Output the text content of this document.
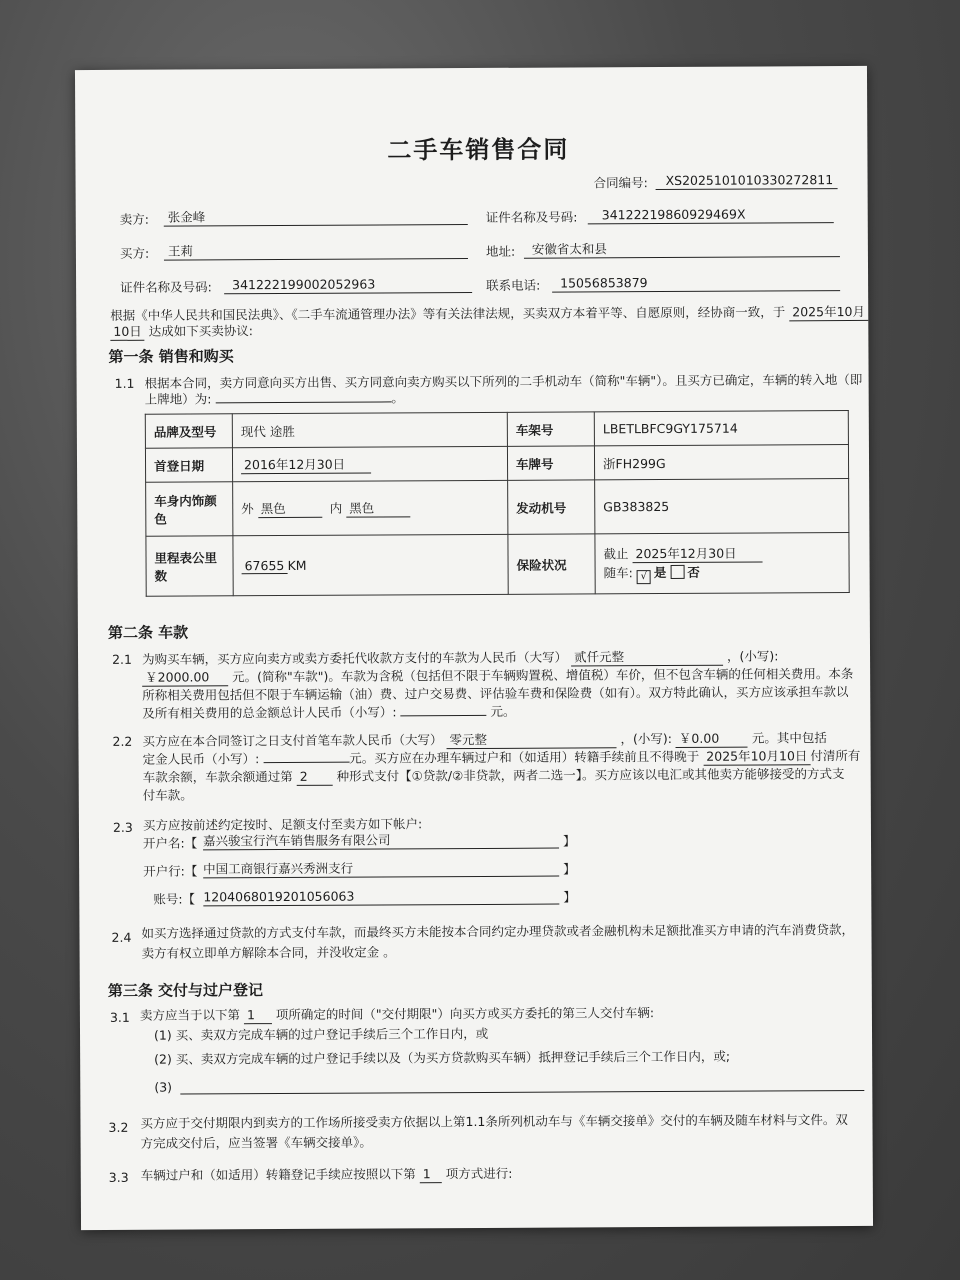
二手车销售合同
合同编号:	XS2025101010330272811
卖方:	张金峰	证件名称及号码:	34122219860929469X
买方:	王莉	地址:	安徽省太和县
证件名称及号码:	341222199002052963	联系电话:	15056853879
根据《中华人民共和国民法典》、《二手车流通管理办法》等有关法律法规，买卖双方本着平等、自愿原则，经协商一致，于 2025年10月
10日 达成如下买卖协议:
第一条 销售和购买
1.1 根据本合同，卖方同意向买方出售、买方同意向卖方购买以下所列的二手机动车（简称"车辆"）。且买方已确定，车辆的转入地（即
上牌地）为:	。
品牌及型号	现代 途胜	车架号	LBETLBFC9GY175714
首登日期	2016年12月30日	车牌号	浙FH299G
车身内饰颜
色	外 黑色 内 黑色	发动机号	GB383825
里程表公里
数	67655 KM	保险状况	截止 2025年12月30日
随车: √ 是 否
第二条 车款
2.1 为购买车辆，买方应向卖方或卖方委托代收款方支付的车款为人民币（大写） 贰仟元整	，(小写):
￥2000.00 元。(简称"车款")。车款为含税（包括但不限于车辆购置税、增值税）车价，但不包含车辆的任何相关费用。本条
所称相关费用包括但不限于车辆运输（油）费、过户交易费、评估验车费和保险费（如有）。双方特此确认，买方应该承担车款以
及所有相关费用的总金额总计人民币（小写）:	元。
2.2 买方应在本合同签订之日支付首笔车款人民币（大写） 零元整	，(小写): ￥0.00	元。其中包括
定金人民币（小写）:	元。买方应在办理车辆过户和（如适用）转籍手续前且不得晚于 2025年10月10日 付清所有
车款余额，车款余额通过第 2 种形式支付【①贷款/②非贷款，两者二选一】。买方应该以电汇或其他卖方能够接受的方式支
付车款。
2.3 买方应按前述约定按时、足额支付至卖方如下帐户:
开户名:【 嘉兴骏宝行汽车销售服务有限公司	】
开户行:【 中国工商银行嘉兴秀洲支行	】
账号:【 1204068019201056063	】
2.4 如买方选择通过贷款的方式支付车款，而最终买方未能按本合同约定办理贷款或者金融机构未足额批准买方申请的汽车消费贷款，
卖方有权立即单方解除本合同，并没收定金 。
第三条 交付与过户登记
3.1 卖方应当于以下第 1 项所确定的时间（"交付期限"）向买方或买方委托的第三人交付车辆:
(1) 买、卖双方完成车辆的过户登记手续后三个工作日内，或
(2) 买、卖双方完成车辆的过户登记手续以及（为买方贷款购买车辆）抵押登记手续后三个工作日内，或;
(3)
3.2 买方应于交付期限内到卖方的工作场所接受卖方依据以上第1.1条所列机动车与《车辆交接单》交付的车辆及随车材料与文件。双
方完成交付后，应当签署《车辆交接单》。
3.3 车辆过户和（如适用）转籍登记手续应按照以下第 1 项方式进行:
